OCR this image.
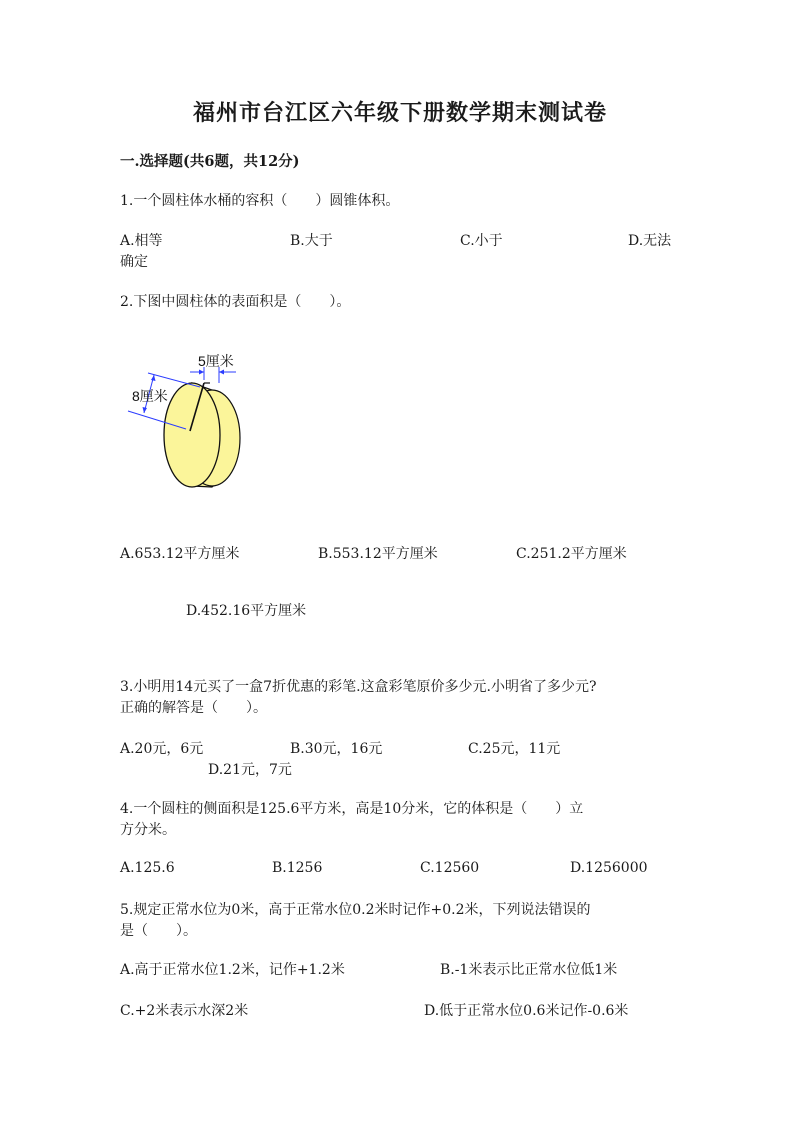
福州市台江区六年级下册数学期末测试卷
一.选择题(共6题，共12分)
1.一个圆柱体水桶的容积（　　）圆锥体积。
A.相等	B.大于	C.小于	D.无法
确定
2.下图中圆柱体的表面积是（　　）。
5厘米
8厘米
A.653.12平方厘米	B.553.12平方厘米	C.251.2平方厘米
D.452.16平方厘米
3.小明用14元买了一盒7折优惠的彩笔.这盒彩笔原价多少元.小明省了多少元?
正确的解答是（　　）。
A.20元，6元	B.30元，16元	C.25元，11元
D.21元，7元
4.一个圆柱的侧面积是125.6平方米，高是10分米，它的体积是（　　）立
方分米。
A.125.6	B.1256	C.12560	D.1256000
5.规定正常水位为0米，高于正常水位0.2米时记作+0.2米，下列说法错误的
是（　　）。
A.高于正常水位1.2米，记作+1.2米	B.-1米表示比正常水位低1米
C.+2米表示水深2米	D.低于正常水位0.6米记作-0.6米
